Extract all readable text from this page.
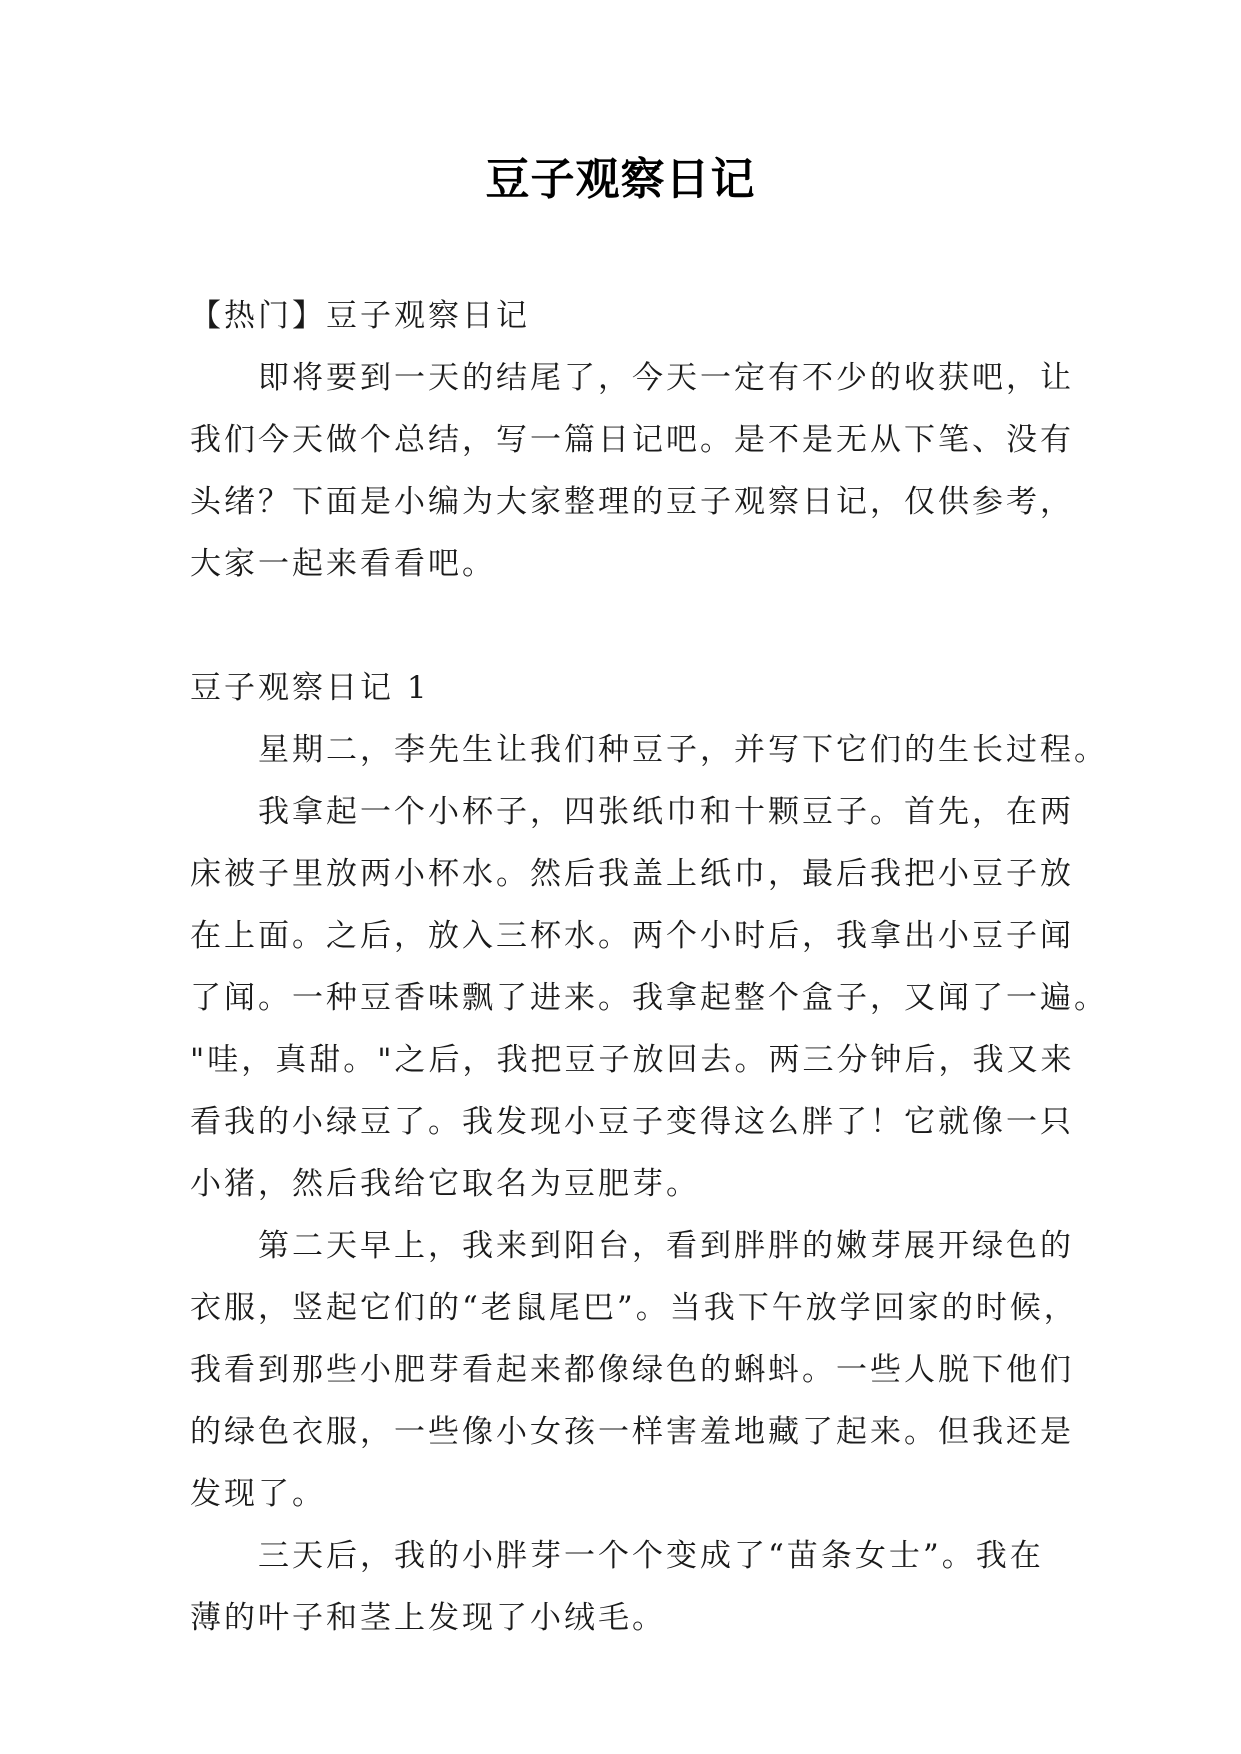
豆子观察日记
【热门】豆子观察日记
即将要到一天的结尾了，今天一定有不少的收获吧，让
我们今天做个总结，写一篇日记吧。是不是无从下笔、没有
头绪？下面是小编为大家整理的豆子观察日记，仅供参考，
大家一起来看看吧。
豆子观察日记 1
星期二，李先生让我们种豆子，并写下它们的生长过程。
我拿起一个小杯子，四张纸巾和十颗豆子。首先，在两
床被子里放两小杯水。然后我盖上纸巾，最后我把小豆子放
在上面。之后，放入三杯水。两个小时后，我拿出小豆子闻
了闻。一种豆香味飘了进来。我拿起整个盒子，又闻了一遍。
"哇，真甜。"之后，我把豆子放回去。两三分钟后，我又来
看我的小绿豆了。我发现小豆子变得这么胖了！它就像一只
小猪，然后我给它取名为豆肥芽。
第二天早上，我来到阳台，看到胖胖的嫩芽展开绿色的
衣服，竖起它们的“老鼠尾巴”。当我下午放学回家的时候，
我看到那些小肥芽看起来都像绿色的蝌蚪。一些人脱下他们
的绿色衣服，一些像小女孩一样害羞地藏了起来。但我还是
发现了。
三天后，我的小胖芽一个个变成了“苗条女士”。我在
薄的叶子和茎上发现了小绒毛。
